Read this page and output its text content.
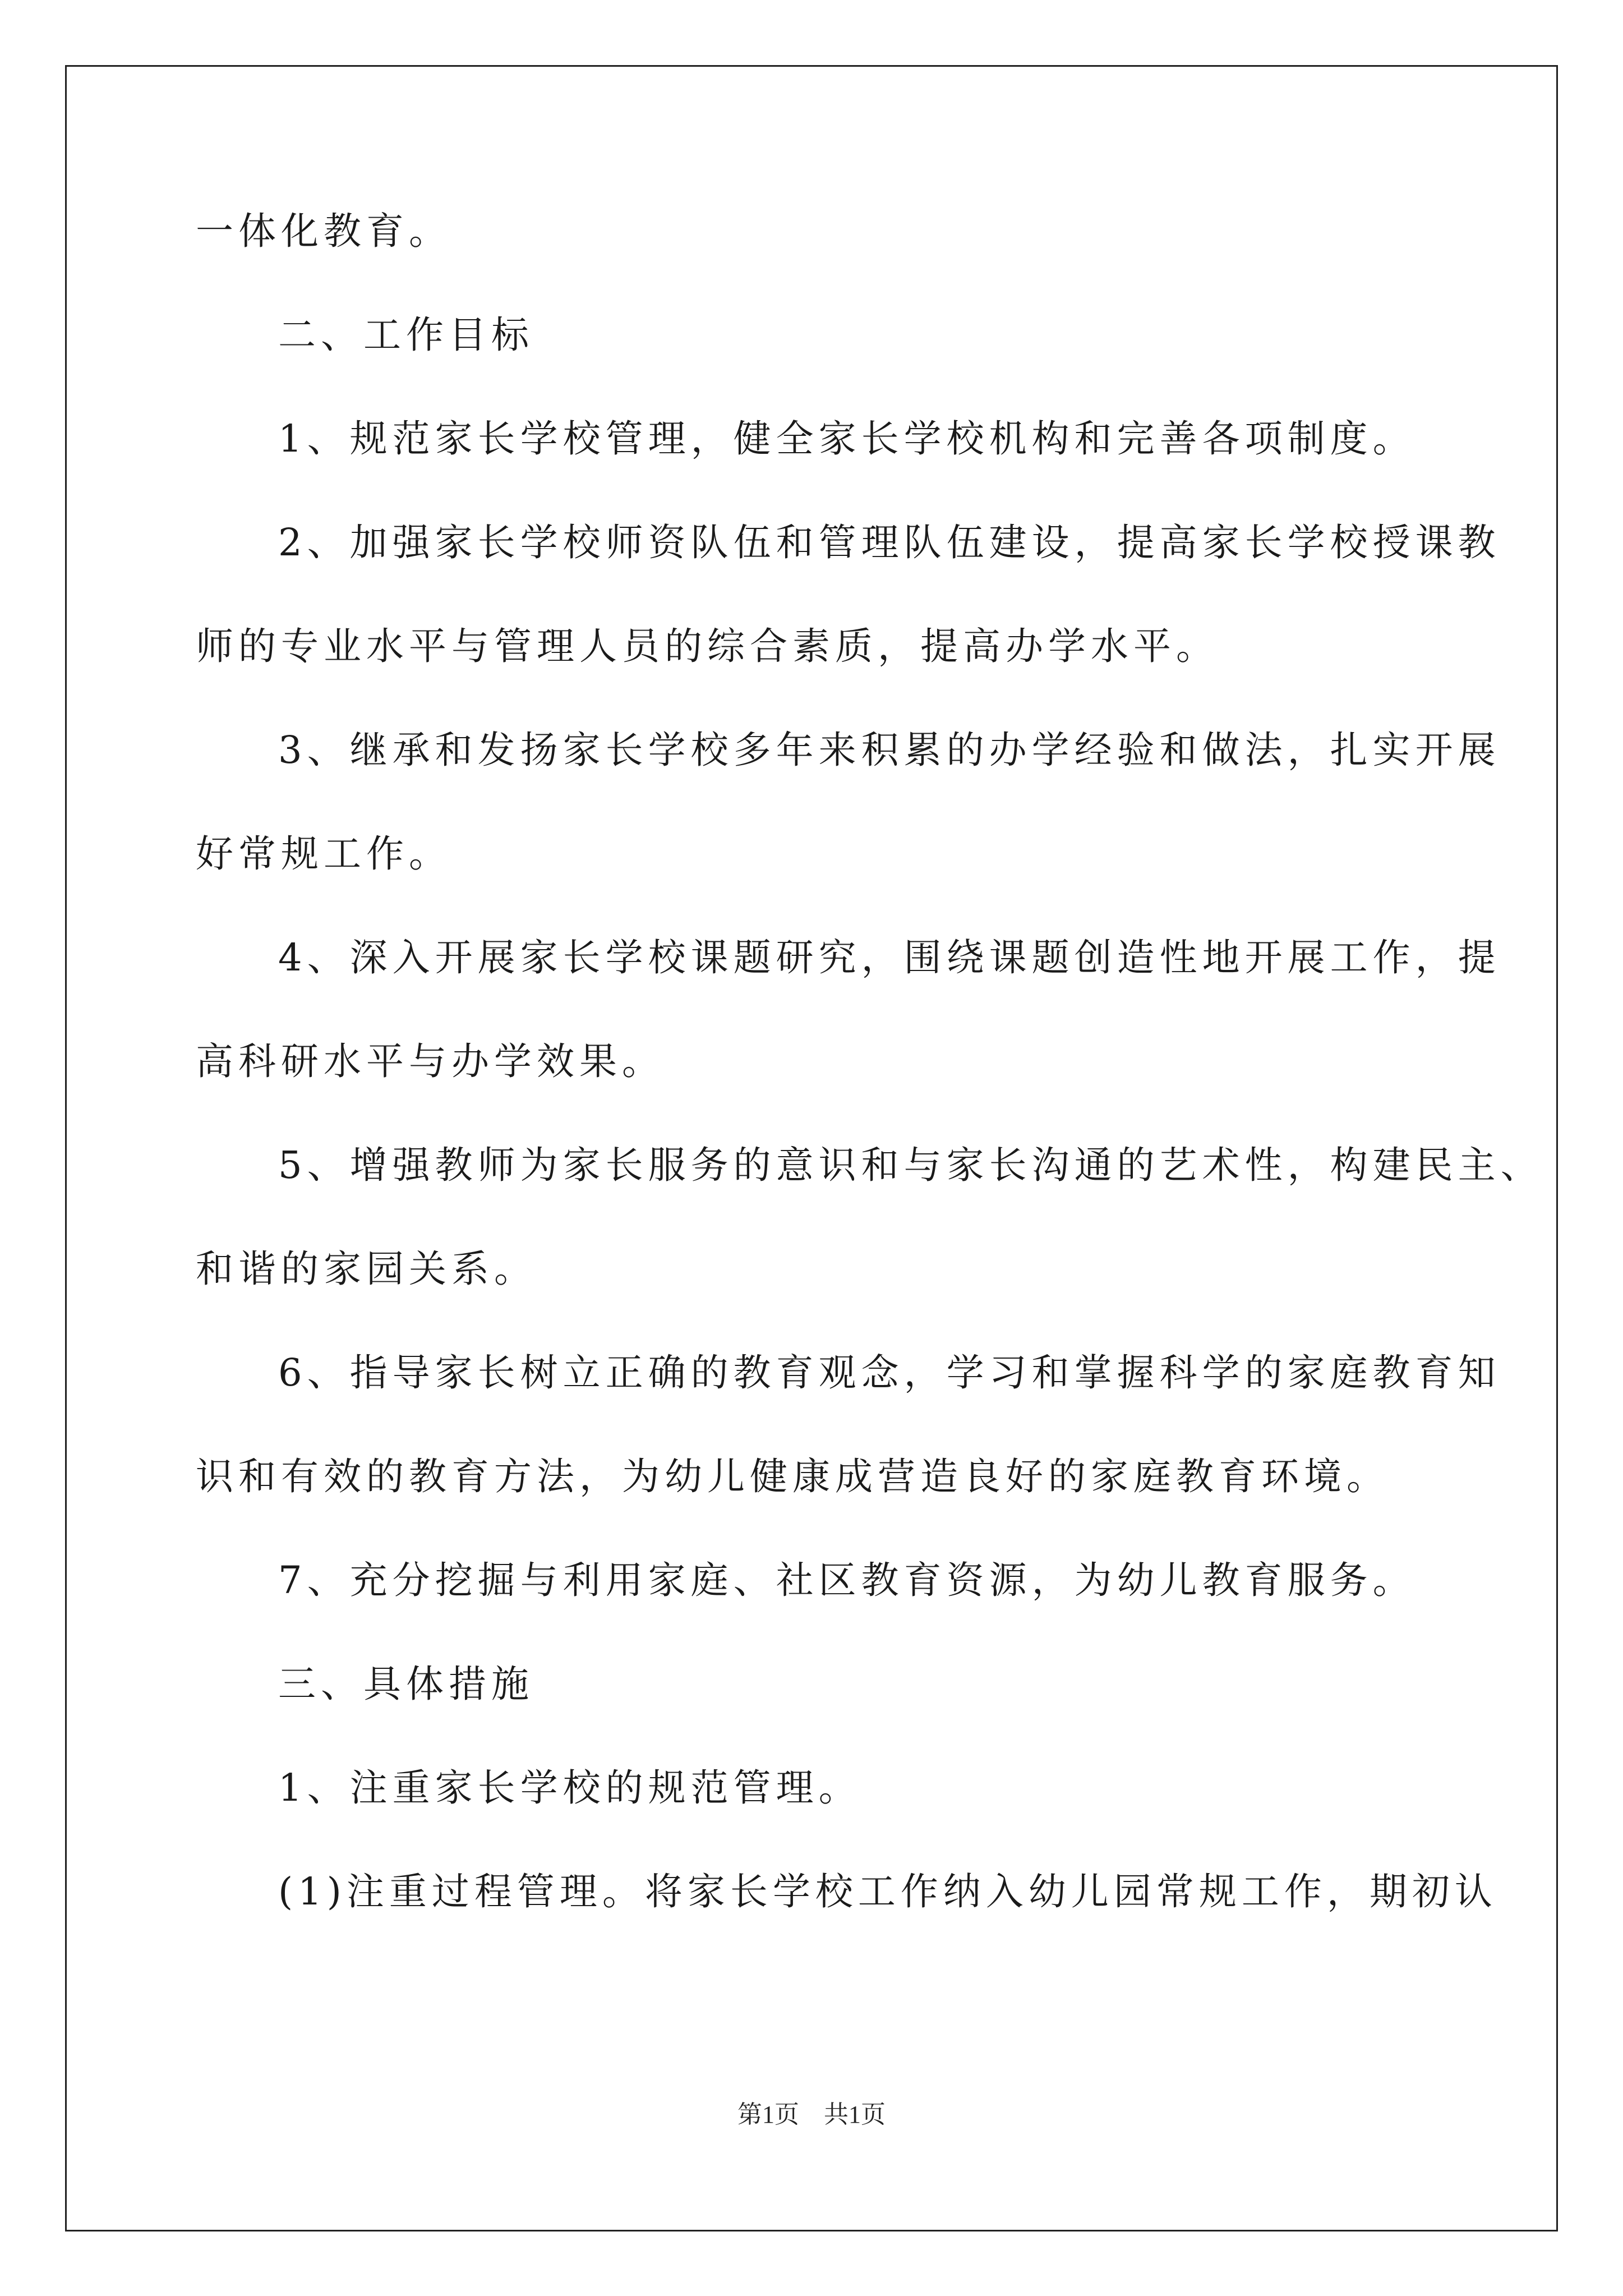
一体化教育。
二、工作目标
1、规范家长学校管理，健全家长学校机构和完善各项制度。
2、加强家长学校师资队伍和管理队伍建设，提高家长学校授课教
师的专业水平与管理人员的综合素质，提高办学水平。
3、继承和发扬家长学校多年来积累的办学经验和做法，扎实开展
好常规工作。
4、深入开展家长学校课题研究，围绕课题创造性地开展工作，提
高科研水平与办学效果。
5、增强教师为家长服务的意识和与家长沟通的艺术性，构建民主、
和谐的家园关系。
6、指导家长树立正确的教育观念，学习和掌握科学的家庭教育知
识和有效的教育方法，为幼儿健康成营造良好的家庭教育环境。
7、充分挖掘与利用家庭、社区教育资源，为幼儿教育服务。
三、具体措施
1、注重家长学校的规范管理。
(1)注重过程管理。将家长学校工作纳入幼儿园常规工作，期初认
第1页　共1页
